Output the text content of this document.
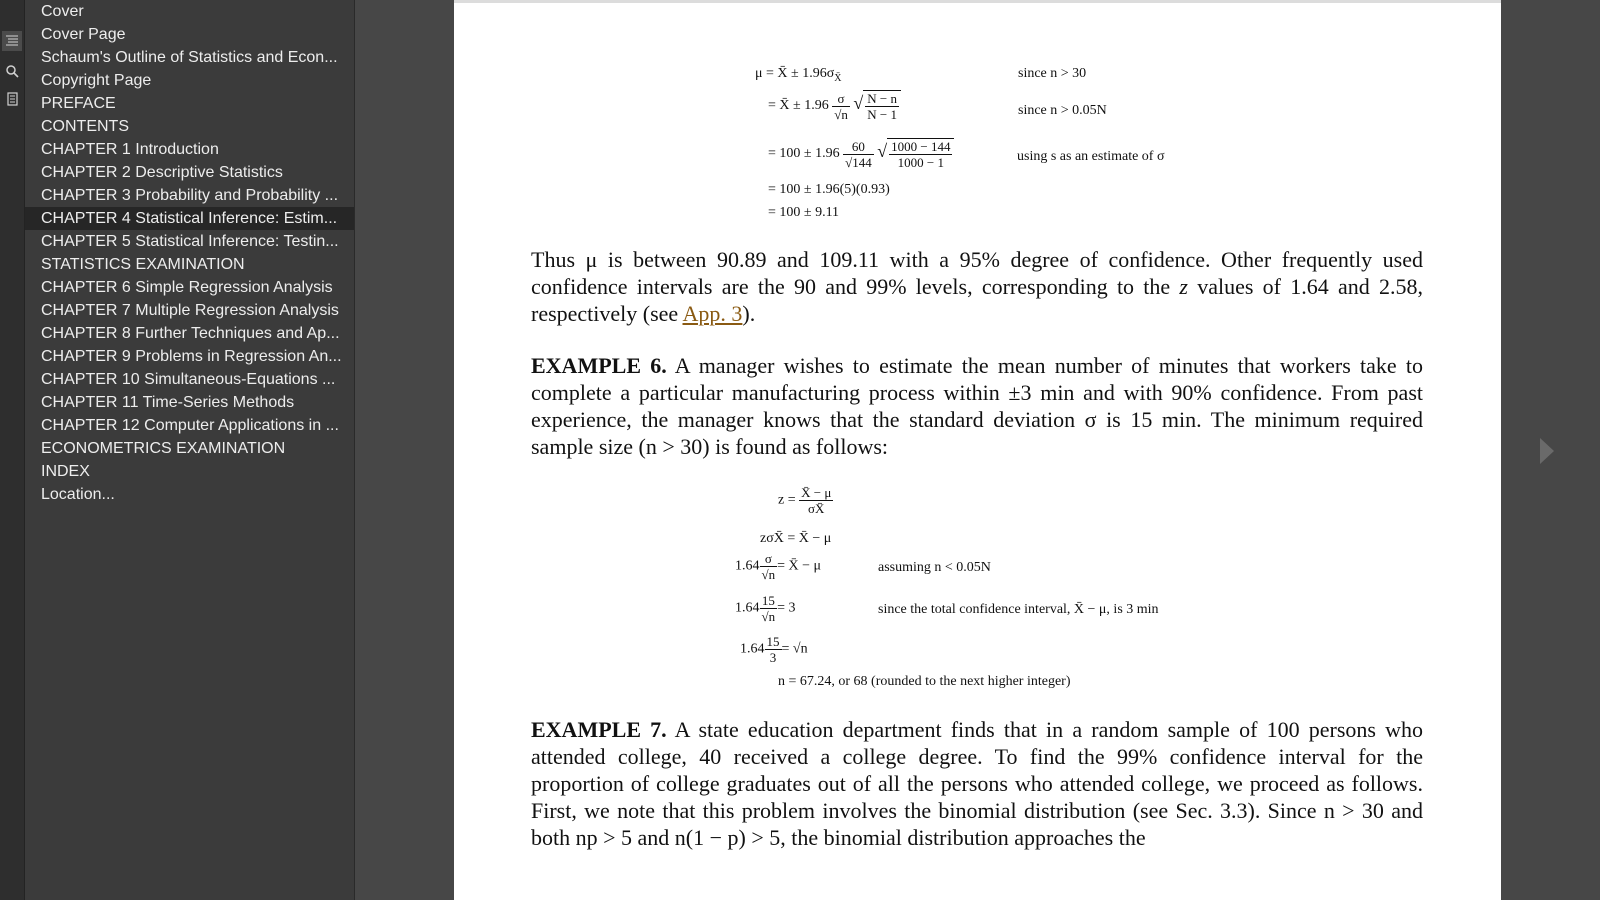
Cover
Cover Page
Schaum's Outline of Statistics and Econ...
Copyright Page
PREFACE
CONTENTS
CHAPTER 1 Introduction
CHAPTER 2 Descriptive Statistics
CHAPTER 3 Probability and Probability ...
CHAPTER 4 Statistical Inference: Estim...
CHAPTER 5 Statistical Inference: Testin...
STATISTICS EXAMINATION
CHAPTER 6 Simple Regression Analysis
CHAPTER 7 Multiple Regression Analysis
CHAPTER 8 Further Techniques and Ap...
CHAPTER 9 Problems in Regression An...
CHAPTER 10 Simultaneous-Equations ...
CHAPTER 11 Time-Series Methods
CHAPTER 12 Computer Applications in ...
ECONOMETRICS EXAMINATION
INDEX
Location...
μ = X̄ ± $1.96\sigma_{X̄}$	since n > 30
= X̄ ± $1.96 \frac{\sigma}{√n}$ √ $\frac{N - n}{N - 1}$	since n > 0.05N
= $100 \pm 1.96 \frac{60}{√144}$ √ $\frac{1000 - 144}{1000 - 1}$	using s as an estimate of σ
= 100 ± 1.96(5)(0.93)
= 100 ± 9.11
Thus μ is between 90.89 and 109.11 with a 95% degree of confidence. Other frequently used confidence intervals are the 90 and 99% levels, corresponding to the z values of 1.64 and 2.58, respectively (see App. 3).
EXAMPLE 6. A manager wishes to estimate the mean number of minutes that workers take to complete a particular manufacturing process within ±3 min and with 90% confidence. From past experience, the manager knows that the standard deviation σ is 15 min. The minimum required sample size (n > 30) is found as follows:
$z = \frac{X̄ - \mu}{\sigma X̄}$
zσX̄ = X̄ − μ
$1.64 \frac{\sigma}{√n}$ = X̄ − μ	assuming n < 0.05N
$1.64 \frac{15}{√n} = 3$	since the total confidence interval, X̄ − μ, is 3 min
$1.64 \frac{15}{3} = √n$
n = 67.24, or 68 (rounded to the next higher integer)
EXAMPLE 7. A state education department finds that in a random sample of 100 persons who attended college, 40 received a college degree. To find the 99% confidence interval for the proportion of college graduates out of all the persons who attended college, we proceed as follows. First, we note that this problem involves the binomial distribution (see Sec. 3.3). Since n > 30 and both np > 5 and n(1 − p) > 5, the binomial distribution approaches the
